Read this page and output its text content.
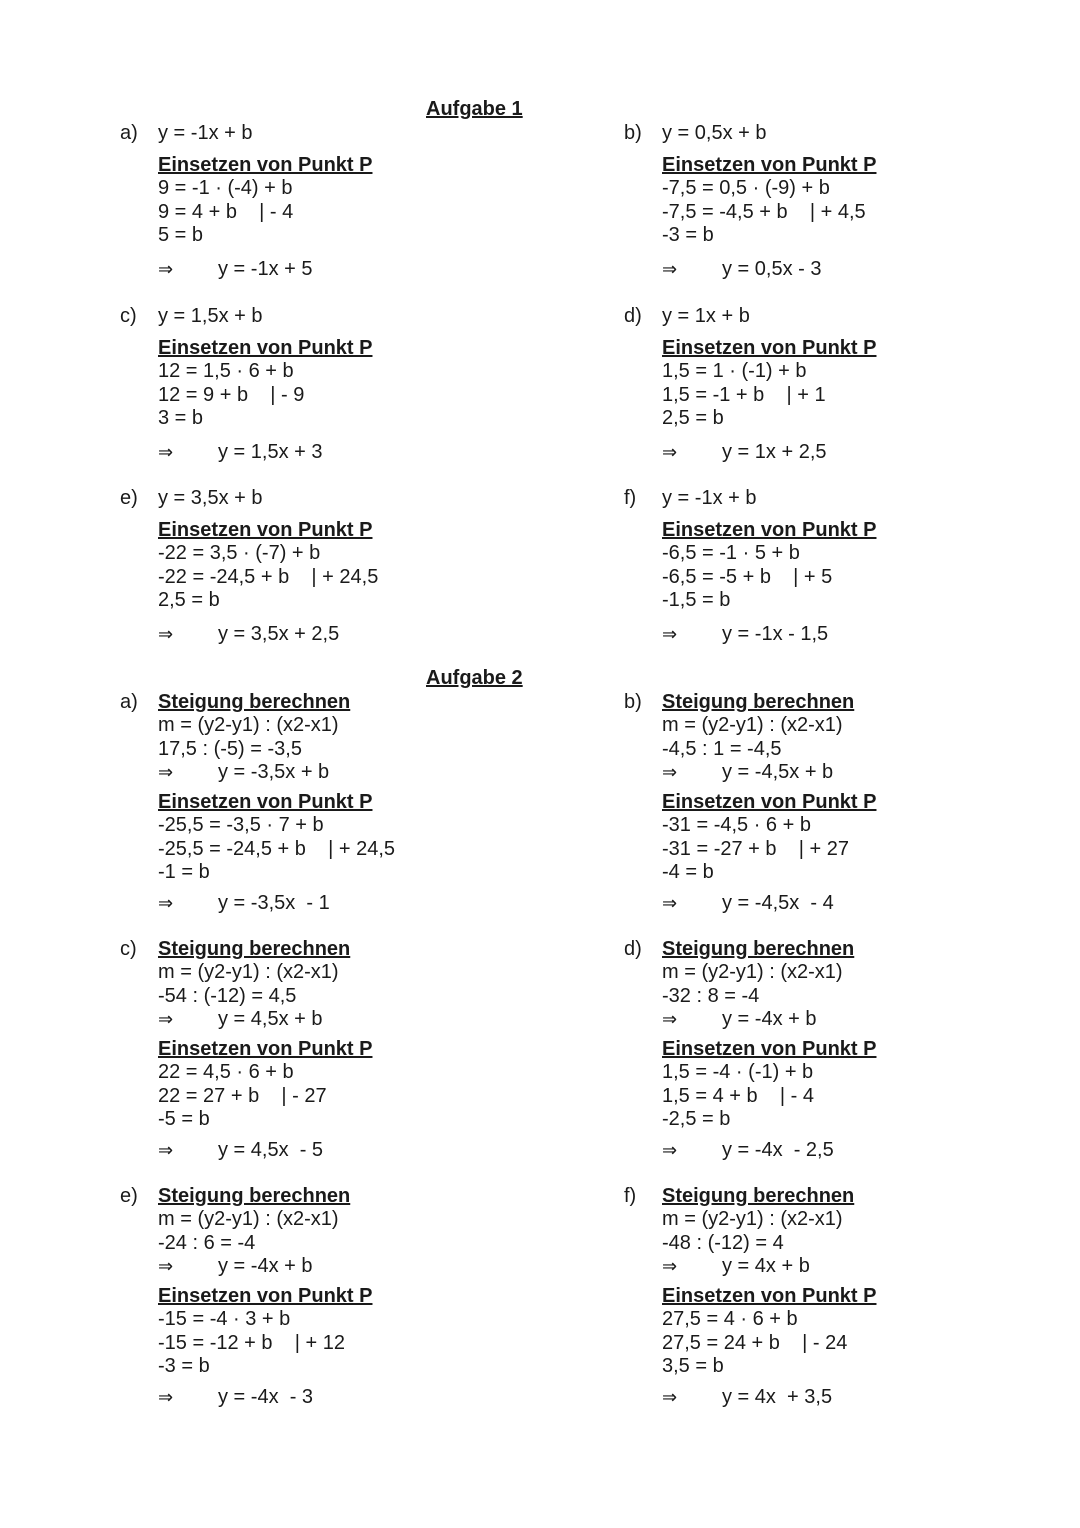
Aufgabe 1
Aufgabe 2
a) y = -1x + b
Einsetzen von Punkt P
9 = -1 · (-4) + b
9 = 4 + b    | - 4
5 = b
⇒ y = -1x + 5
b) y = 0,5x + b
Einsetzen von Punkt P
-7,5 = 0,5 · (-9) + b
-7,5 = -4,5 + b    | + 4,5
-3 = b
⇒ y = 0,5x - 3
c) y = 1,5x + b
Einsetzen von Punkt P
12 = 1,5 · 6 + b
12 = 9 + b    | - 9
3 = b
⇒ y = 1,5x + 3
d) y = 1x + b
Einsetzen von Punkt P
1,5 = 1 · (-1) + b
1,5 = -1 + b    | + 1
2,5 = b
⇒ y = 1x + 2,5
e) y = 3,5x + b
Einsetzen von Punkt P
-22 = 3,5 · (-7) + b
-22 = -24,5 + b    | + 24,5
2,5 = b
⇒ y = 3,5x + 2,5
f) y = -1x + b
Einsetzen von Punkt P
-6,5 = -1 · 5 + b
-6,5 = -5 + b    | + 5
-1,5 = b
⇒ y = -1x - 1,5
a) Steigung berechnen
m = (y2-y1) : (x2-x1)
17,5 : (-5) = -3,5
⇒ y = -3,5x + b
Einsetzen von Punkt P
-25,5 = -3,5 · 7 + b
-25,5 = -24,5 + b    | + 24,5
-1 = b
⇒ y = -3,5x  - 1
b) Steigung berechnen
m = (y2-y1) : (x2-x1)
-4,5 : 1 = -4,5
⇒ y = -4,5x + b
Einsetzen von Punkt P
-31 = -4,5 · 6 + b
-31 = -27 + b    | + 27
-4 = b
⇒ y = -4,5x  - 4
c) Steigung berechnen
m = (y2-y1) : (x2-x1)
-54 : (-12) = 4,5
⇒ y = 4,5x + b
Einsetzen von Punkt P
22 = 4,5 · 6 + b
22 = 27 + b    | - 27
-5 = b
⇒ y = 4,5x  - 5
d) Steigung berechnen
m = (y2-y1) : (x2-x1)
-32 : 8 = -4
⇒ y = -4x + b
Einsetzen von Punkt P
1,5 = -4 · (-1) + b
1,5 = 4 + b    | - 4
-2,5 = b
⇒ y = -4x  - 2,5
e) Steigung berechnen
m = (y2-y1) : (x2-x1)
-24 : 6 = -4
⇒ y = -4x + b
Einsetzen von Punkt P
-15 = -4 · 3 + b
-15 = -12 + b    | + 12
-3 = b
⇒ y = -4x  - 3
f) Steigung berechnen
m = (y2-y1) : (x2-x1)
-48 : (-12) = 4
⇒ y = 4x + b
Einsetzen von Punkt P
27,5 = 4 · 6 + b
27,5 = 24 + b    | - 24
3,5 = b
⇒ y = 4x  + 3,5
